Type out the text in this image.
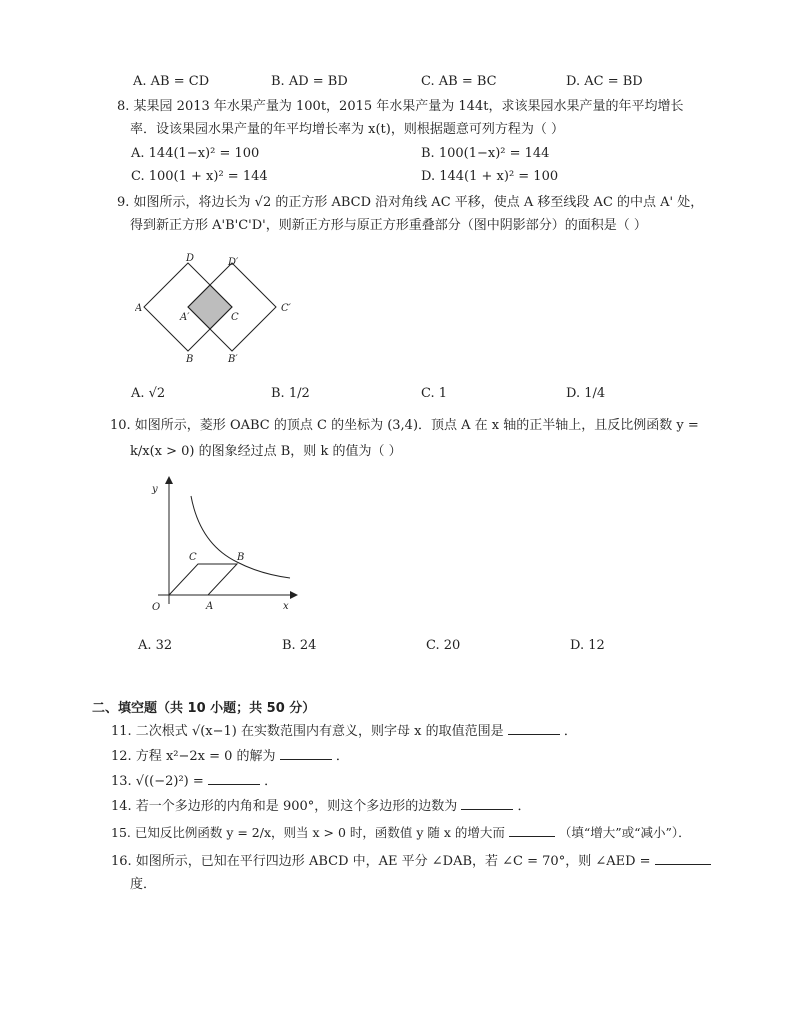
A. AB = CD	B. AD = BD	C. AB = BC	D. AC = BD
8. 某果园 2013 年水果产量为 100t，2015 年水果产量为 144t，求该果园水果产量的年平均增长
率．设该果园水果产量的年平均增长率为 x(t)，则根据题意可列方程为（ ）
A. 144(1−x)² = 100	B. 100(1−x)² = 144
C. 100(1 + x)² = 144	D. 144(1 + x)² = 100
9. 如图所示，将边长为 √2 的正方形 ABCD 沿对角线 AC 平移，使点 A 移至线段 AC 的中点 A' 处，
得到新正方形 A'B'C'D'，则新正方形与原正方形重叠部分（图中阴影部分）的面积是（ ）
D	D′
A
A′	C
C′
B	B′
A. √2	B. 1/2	C. 1	D. 1/4
10. 如图所示，菱形 OABC 的顶点 C 的坐标为 (3,4)．顶点 A 在 x 轴的正半轴上，且反比例函数 y =
k/x(x > 0) 的图象经过点 B，则 k 的值为（ ）
y
x
O	A
B
C
A. 32	B. 24	C. 20	D. 12
二、填空题（共 10 小题；共 50 分）
11. 二次根式 √(x−1) 在实数范围内有意义，则字母 x 的取值范围是	．
12. 方程 x²−2x = 0 的解为	．
13. √((−2)²) =	．
14. 若一个多边形的内角和是 900°，则这个多边形的边数为	．
15. 已知反比例函数 y = 2/x，则当 x > 0 时，函数值 y 随 x 的增大而	（填“增大”或“减小”）．
16. 如图所示，已知在平行四边形 ABCD 中，AE 平分 ∠DAB，若 ∠C = 70°，则 ∠AED =
度．
